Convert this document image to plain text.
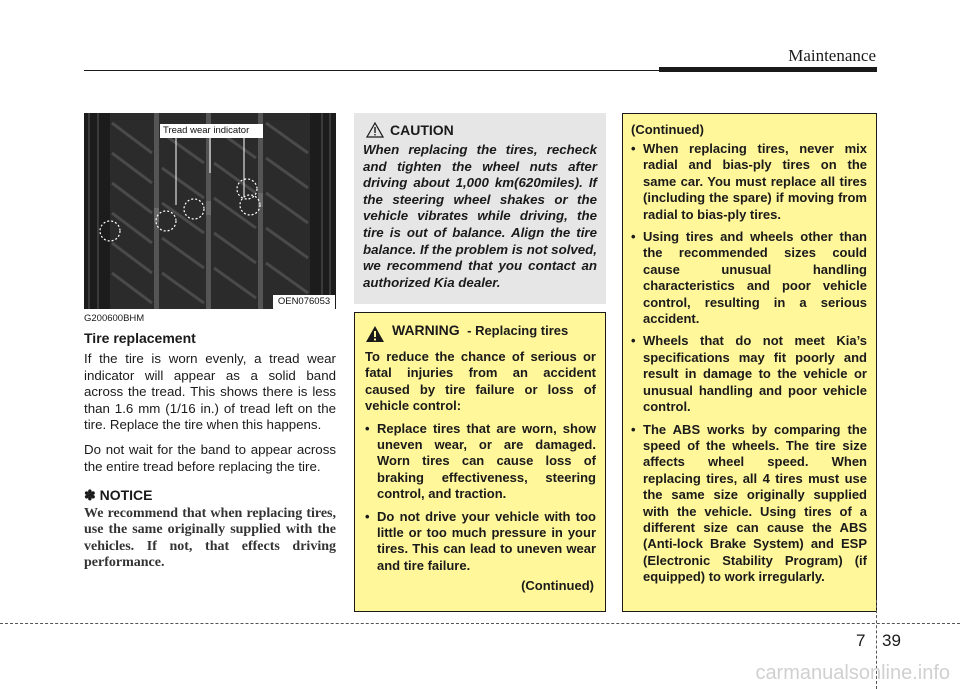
Maintenance
Tread wear indicator
OEN076053

G200600BHM

Tire replacement

If the tire is worn evenly, a tread wear indicator will appear as a solid band across the tread. This shows there is less than 1.6 mm (1/16 in.) of tread left on the tire. Replace the tire when this happens.

Do not wait for the band to appear across the entire tread before replacing the tire.

✽ NOTICE

We recommend that when replacing tires, use the same originally supplied with the vehicles. If not, that effects driving performance.

CAUTION

When replacing the tires, recheck and tighten the wheel nuts after driving about 1,000 km(620miles). If the steering wheel shakes or the vehicle vibrates while driving, the tire is out of balance. Align the tire balance. If the problem is not solved, we recommend that you contact an authorized Kia dealer.

WARNING - Replacing tires

To reduce the chance of serious or fatal injuries from an accident caused by tire failure or loss of vehicle control:

• Replace tires that are worn, show uneven wear, or are damaged. Worn tires can cause loss of braking effectiveness, steering control, and traction.
• Do not drive your vehicle with too little or too much pressure in your tires. This can lead to uneven wear and tire failure.

(Continued)

(Continued)

• When replacing tires, never mix radial and bias-ply tires on the same car. You must replace all tires (including the spare) if moving from radial to bias-ply tires.
• Using tires and wheels other than the recommended sizes could cause unusual handling characteristics and poor vehicle control, resulting in a serious accident.
• Wheels that do not meet Kia’s specifications may fit poorly and result in damage to the vehicle or unusual handling and poor vehicle control.
• The ABS works by comparing the speed of the wheels. The tire size affects wheel speed. When replacing tires, all 4 tires must use the same size originally supplied with the vehicle. Using tires of a different size can cause the ABS (Anti-lock Brake System) and ESP (Electronic Stability Program) (if equipped) to work irregularly.
7 39
carmanualsonline.info
